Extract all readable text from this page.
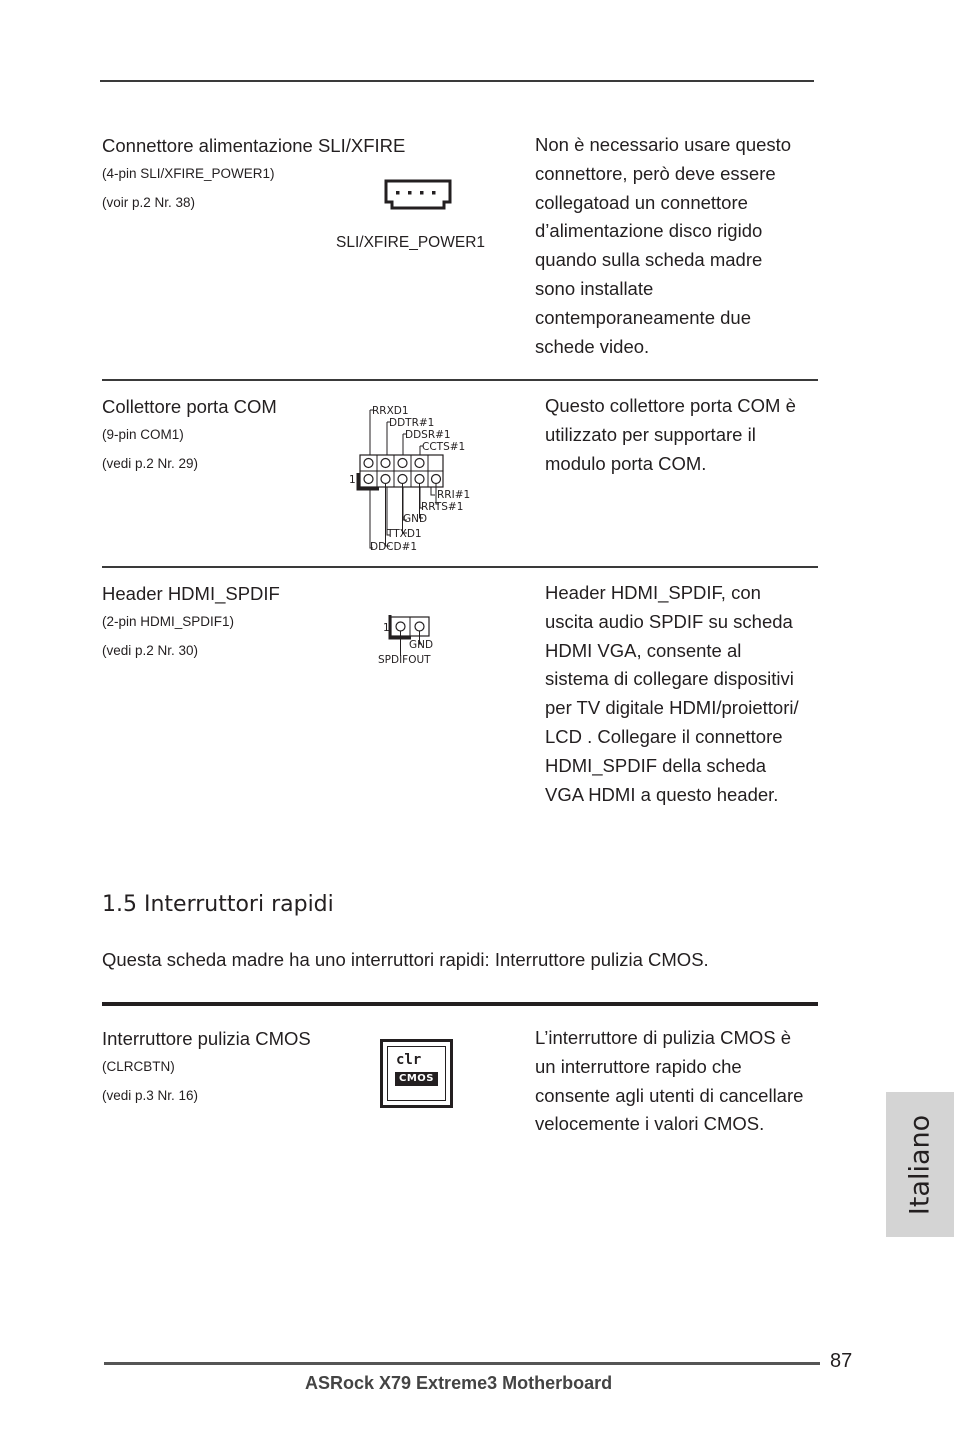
Connettore alimentazione SLI/XFIRE
(4-pin SLI/XFIRE_POWER1)
(voir p.2 Nr. 38)
SLI/XFIRE_POWER1
Non è necessario usare questo
connettore, però deve essere
collegatoad un connettore
d’alimentazione disco rigido
quando sulla scheda madre
sono installate
contemporaneamente due
schede video.
Collettore porta COM
(9-pin COM1)
(vedi p.2 Nr. 29)
RRXD1
DDTR#1
DDSR#1
CCTS#1
RRI#1
RRTS#1
GND
TTXD1
DDCD#1
1
Questo collettore porta COM è
utilizzato per supportare il
modulo porta COM.
Header HDMI_SPDIF
(2-pin HDMI_SPDIF1)
(vedi p.2 Nr. 30)
1
GND
SPDIFOUT
Header HDMI_SPDIF, con
uscita audio SPDIF su scheda
HDMI VGA, consente al
sistema di collegare dispositivi
per TV digitale HDMI/proiettori/
LCD . Collegare il connettore
HDMI_SPDIF della scheda
VGA HDMI a questo header.
1.5 Interruttori rapidi
Questa scheda madre ha uno interruttori rapidi: Interruttore pulizia CMOS.
Interruttore pulizia CMOS
(CLRCBTN)
(vedi p.3 Nr. 16)
clr
CMOS
L’interruttore di pulizia CMOS è
un interruttore rapido che
consente agli utenti di cancellare
velocemente i valori CMOS.	Italiano
87
ASRock X79 Extreme3 Motherboard
